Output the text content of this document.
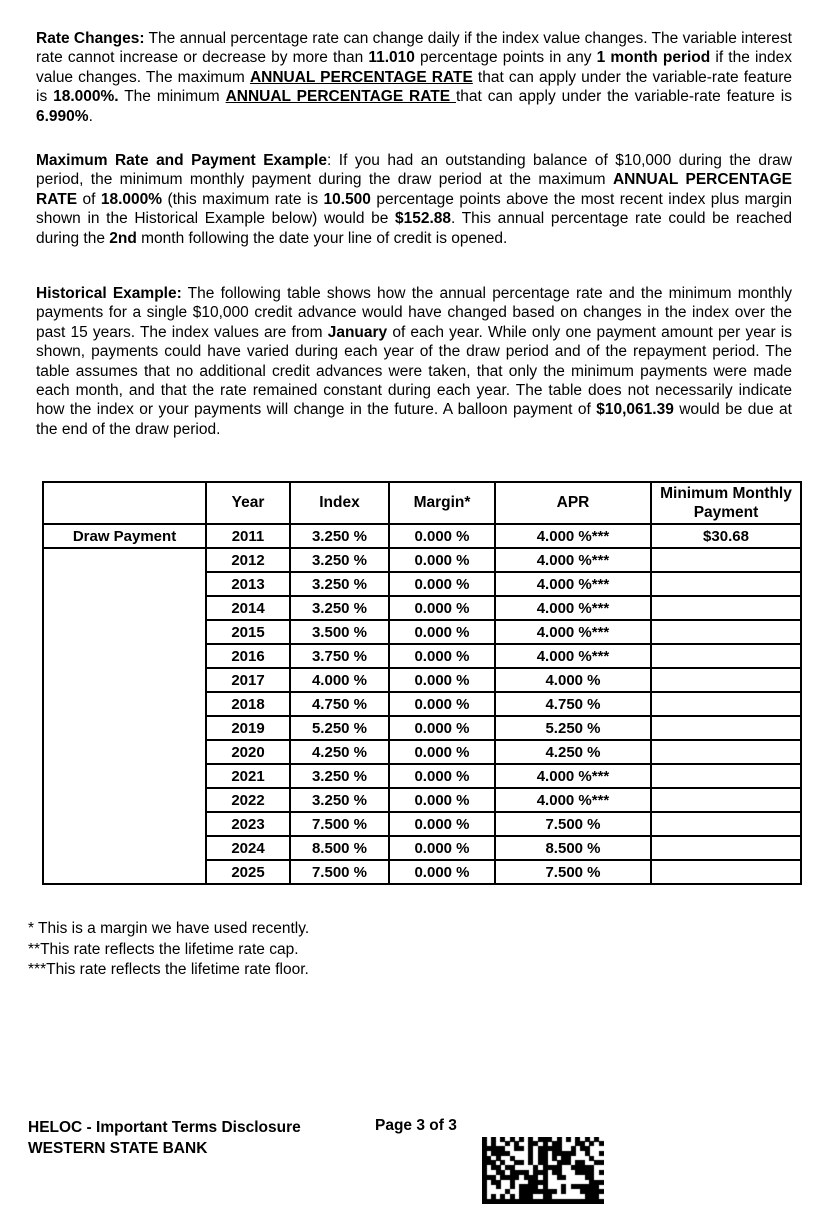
Rate Changes: The annual percentage rate can change daily if the index value changes. The variable interest rate cannot increase or decrease by more than 11.010 percentage points in any 1 month period if the index value changes. The maximum ANNUAL PERCENTAGE RATE that can apply under the variable-rate feature is 18.000%. The minimum ANNUAL PERCENTAGE RATE that can apply under the variable-rate feature is 6.990%.
Maximum Rate and Payment Example: If you had an outstanding balance of $10,000 during the draw period, the minimum monthly payment during the draw period at the maximum ANNUAL PERCENTAGE RATE of 18.000% (this maximum rate is 10.500 percentage points above the most recent index plus margin shown in the Historical Example below) would be $152.88. This annual percentage rate could be reached during the 2nd month following the date your line of credit is opened.
Historical Example: The following table shows how the annual percentage rate and the minimum monthly payments for a single $10,000 credit advance would have changed based on changes in the index over the past 15 years. The index values are from January of each year. While only one payment amount per year is shown, payments could have varied during each year of the draw period and of the repayment period. The table assumes that no additional credit advances were taken, that only the minimum payments were made each month, and that the rate remained constant during each year. The table does not necessarily indicate how the index or your payments will change in the future. A balloon payment of $10,061.39 would be due at the end of the draw period.
	Year	Index	Margin*	APR	Minimum Monthly Payment
Draw Payment	2011	3.250 %	0.000 %	4.000 %***	$30.68
	2012	3.250 %	0.000 %	4.000 %***	
	2013	3.250 %	0.000 %	4.000 %***	
	2014	3.250 %	0.000 %	4.000 %***	
	2015	3.500 %	0.000 %	4.000 %***	
	2016	3.750 %	0.000 %	4.000 %***	
	2017	4.000 %	0.000 %	4.000 %	
	2018	4.750 %	0.000 %	4.750 %	
	2019	5.250 %	0.000 %	5.250 %	
	2020	4.250 %	0.000 %	4.250 %	
	2021	3.250 %	0.000 %	4.000 %***	
	2022	3.250 %	0.000 %	4.000 %***	
	2023	7.500 %	0.000 %	7.500 %	
	2024	8.500 %	0.000 %	8.500 %	
	2025	7.500 %	0.000 %	7.500 %	
* This is a margin we have used recently.
**This rate reflects the lifetime rate cap.
***This rate reflects the lifetime rate floor.
HELOC - Important Terms Disclosure
WESTERN STATE BANK
Page 3 of 3
